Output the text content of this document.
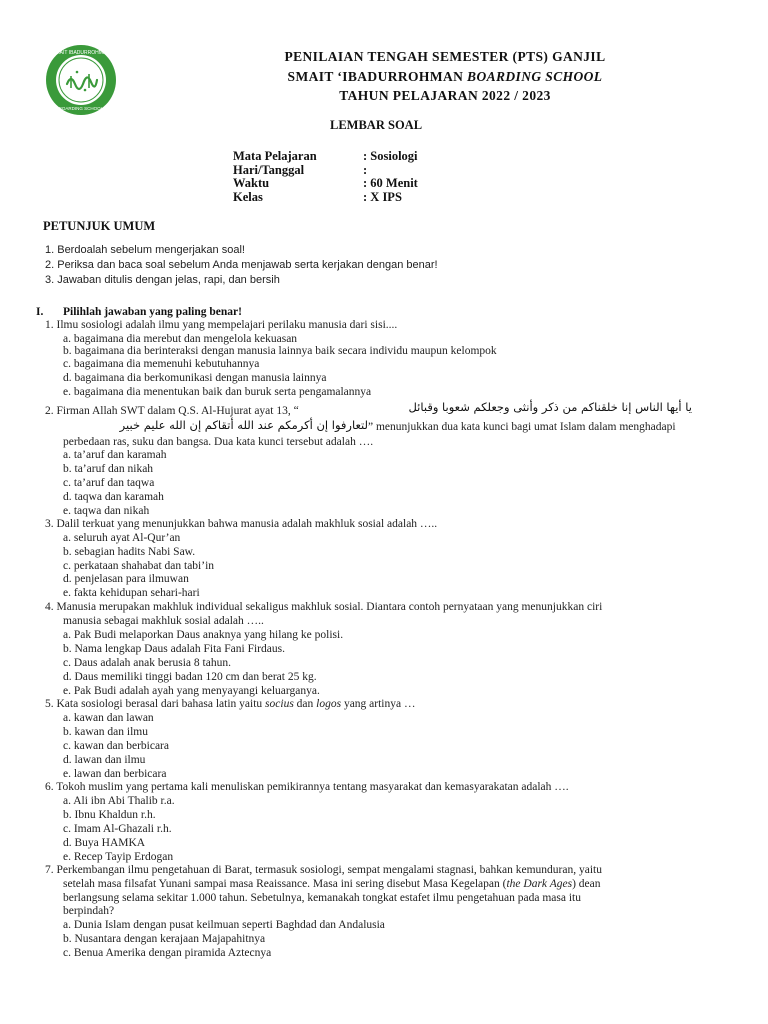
SMAIT IBADURROHMAN
BOARDING SCHOOL
PENILAIAN TENGAH SEMESTER (PTS) GANJIL
SMAIT ‘IBADURROHMAN BOARDING SCHOOL
TAHUN PELAJARAN 2022 / 2023
LEMBAR SOAL
Mata Pelajaran	: Sosiologi
Hari/Tanggal	:
Waktu	: 60 Menit
Kelas	: X IPS
PETUNJUK UMUM
1. Berdoalah sebelum mengerjakan soal!
2. Periksa dan baca soal sebelum Anda menjawab serta kerjakan dengan benar!
3. Jawaban ditulis dengan jelas, rapi, dan bersih
I. Pilihlah jawaban yang paling benar!
1. Ilmu sosiologi adalah ilmu yang mempelajari perilaku manusia dari sisi....
a. bagaimana dia merebut dan mengelola kekuasan
b. bagaimana dia berinteraksi dengan manusia lainnya baik secara individu maupun kelompok
c. bagaimana dia memenuhi kebutuhannya
d. bagaimana dia berkomunikasi dengan manusia lainnya
e. bagaimana dia menentukan baik dan buruk serta pengamalannya
2. Firman Allah SWT dalam Q.S. Al-Hujurat ayat 13, “	يا أيها الناس إنا خلقناكم من ذكر وأنثى وجعلكم شعوبا وقبائل
لتعارفوا إن أكرمكم عند الله أتقاكم إن الله عليم خبير ” menunjukkan dua kata kunci bagi umat Islam dalam menghadapi
perbedaan ras, suku dan bangsa. Dua kata kunci tersebut adalah ….
a. ta’aruf dan karamah
b. ta’aruf dan nikah
c. ta’aruf dan taqwa
d. taqwa dan karamah
e. taqwa dan nikah
3. Dalil terkuat yang menunjukkan bahwa manusia adalah makhluk sosial adalah …..
a. seluruh ayat Al-Qur’an
b. sebagian hadits Nabi Saw.
c. perkataan shahabat dan tabi’in
d. penjelasan para ilmuwan
e. fakta kehidupan sehari-hari
4. Manusia merupakan makhluk individual sekaligus makhluk sosial. Diantara contoh pernyataan yang menunjukkan ciri
manusia sebagai makhluk sosial adalah …..
a. Pak Budi melaporkan Daus anaknya yang hilang ke polisi.
b. Nama lengkap Daus adalah Fita Fani Firdaus.
c. Daus adalah anak berusia 8 tahun.
d. Daus memiliki tinggi badan 120 cm dan berat 25 kg.
e. Pak Budi adalah ayah yang menyayangi keluarganya.
5. Kata sosiologi berasal dari bahasa latin yaitu socius dan logos yang artinya …
a. kawan dan lawan
b. kawan dan ilmu
c. kawan dan berbicara
d. lawan dan ilmu
e. lawan dan berbicara
6. Tokoh muslim yang pertama kali menuliskan pemikirannya tentang masyarakat dan kemasyarakatan adalah ….
a. Ali ibn Abi Thalib r.a.
b. Ibnu Khaldun r.h.
c. Imam Al-Ghazali r.h.
d. Buya HAMKA
e. Recep Tayip Erdogan
7. Perkembangan ilmu pengetahuan di Barat, termasuk sosiologi, sempat mengalami stagnasi, bahkan kemunduran, yaitu
setelah masa filsafat Yunani sampai masa Reaissance. Masa ini sering disebut Masa Kegelapan (the Dark Ages) dean
berlangsung selama sekitar 1.000 tahun. Sebetulnya, kemanakah tongkat estafet ilmu pengetahuan pada masa itu
berpindah?
a. Dunia Islam dengan pusat keilmuan seperti Baghdad dan Andalusia
b. Nusantara dengan kerajaan Majapahitnya
c. Benua Amerika dengan piramida Aztecnya
